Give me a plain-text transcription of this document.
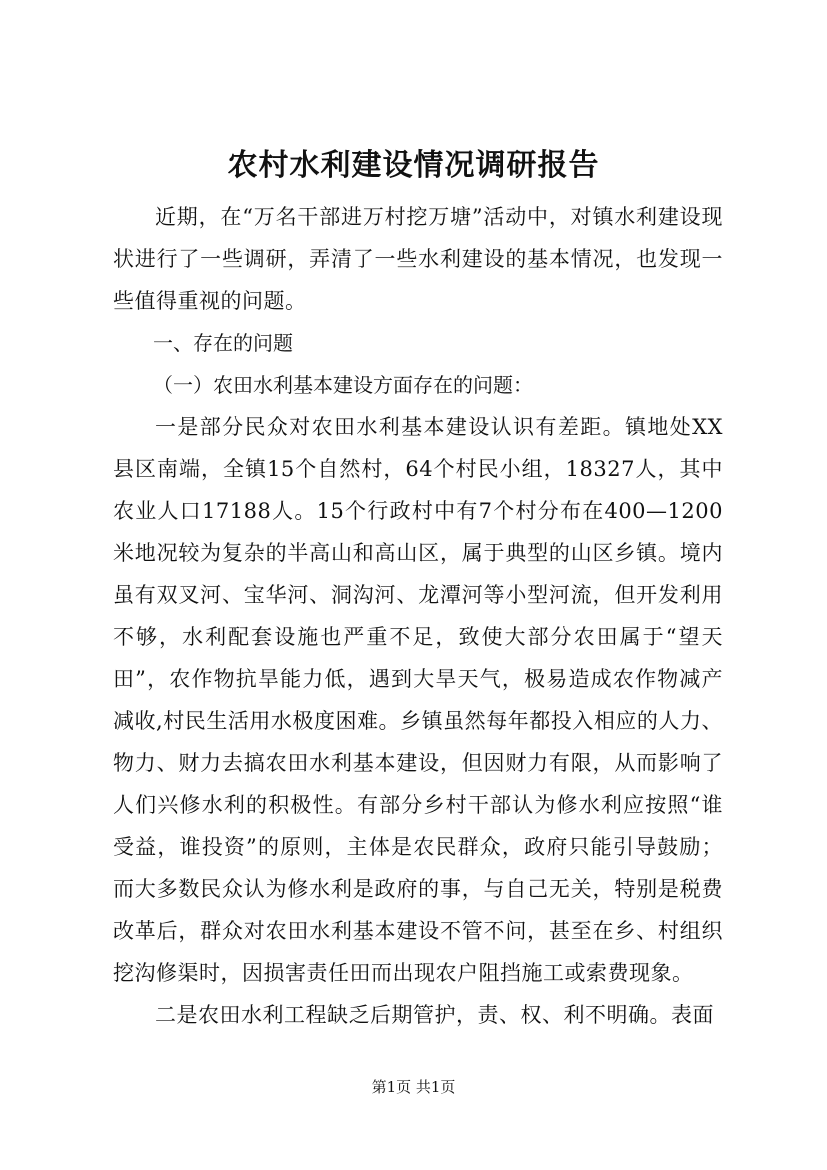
农村水利建设情况调研报告

近期，在“万名干部进万村挖万塘”活动中，对镇水利建设现状进行了一些调研，弄清了一些水利建设的基本情况，也发现一些值得重视的问题。

一、存在的问题

（一）农田水利基本建设方面存在的问题：

一是部分民众对农田水利基本建设认识有差距。镇地处XX县区南端，全镇15个自然村，64个村民小组，18327人，其中农业人口17188人。15个行政村中有7个村分布在400—1200米地况较为复杂的半高山和高山区，属于典型的山区乡镇。境内虽有双叉河、宝华河、洞沟河、龙潭河等小型河流，但开发利用不够，水利配套设施也严重不足，致使大部分农田属于“望天田”，农作物抗旱能力低，遇到大旱天气，极易造成农作物减产减收,村民生活用水极度困难。乡镇虽然每年都投入相应的人力、物力、财力去搞农田水利基本建设，但因财力有限，从而影响了人们兴修水利的积极性。有部分乡村干部认为修水利应按照“谁受益，谁投资”的原则，主体是农民群众，政府只能引导鼓励；而大多数民众认为修水利是政府的事，与自己无关，特别是税费改革后，群众对农田水利基本建设不管不问，甚至在乡、村组织挖沟修渠时，因损害责任田而出现农户阻挡施工或索费现象。

二是农田水利工程缺乏后期管护，责、权、利不明确。表面

第1页 共1页
